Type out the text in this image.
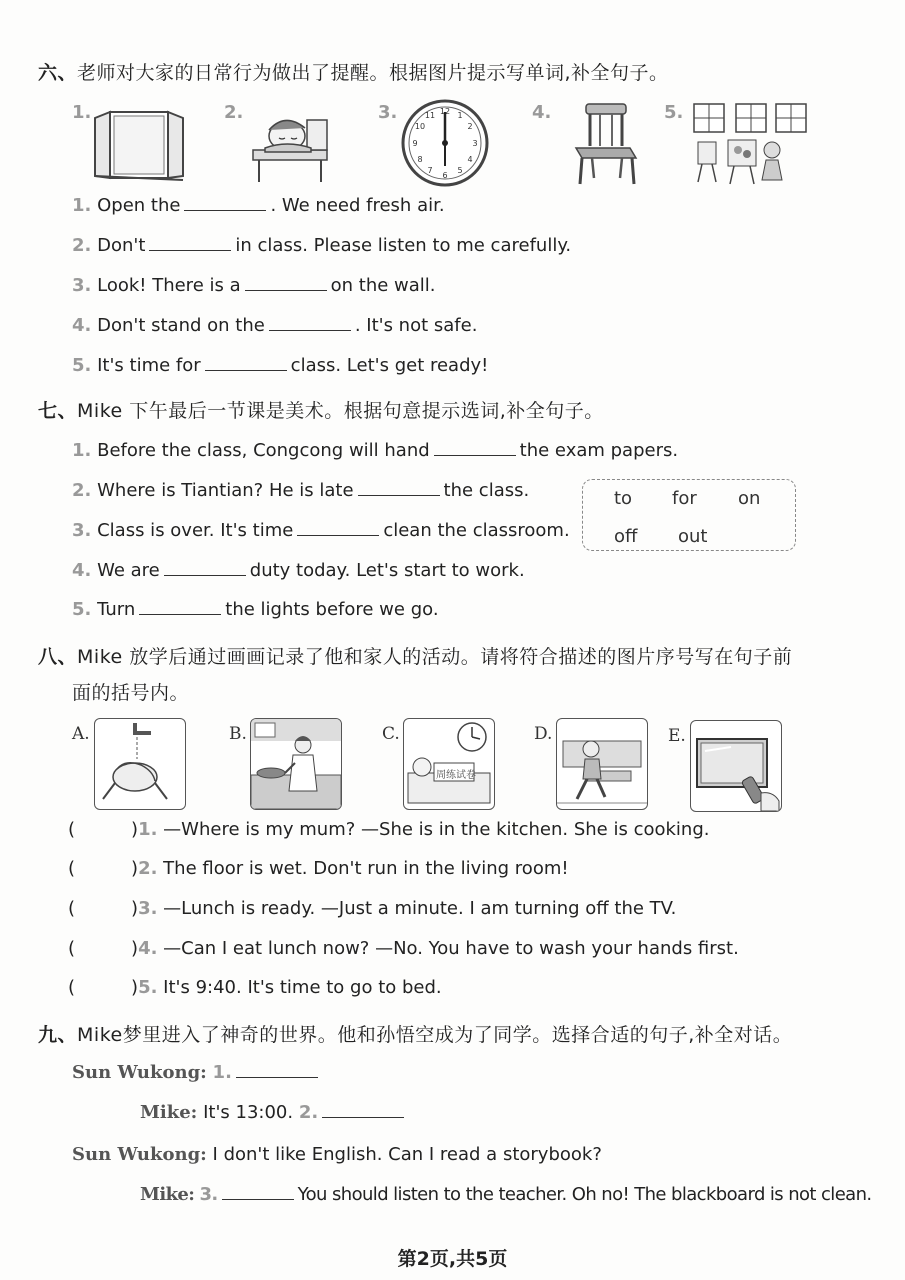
六、老师对大家的日常行为做出了提醒。根据图片提示写单词,补全句子。
1.	2.	3.	4.	5.
12 1
2
3
4
5
6
7
8
9
10
11
1. Open the	. We need fresh air.
2. Don't	in class. Please listen to me carefully.
3. Look! There is a	on the wall.
4. Don't stand on the	. It's not safe.
5. It's time for	class. Let's get ready!
七、Mike 下午最后一节课是美术。根据句意提示选词,补全句子。
1. Before the class, Congcong will hand	the exam papers.
2. Where is Tiantian? He is late	the class.
3. Class is over. It's time	clean the classroom.
4. We are	duty today. Let's start to work.
5. Turn	the lights before we go.
to for on
off out
八、Mike 放学后通过画画记录了他和家人的活动。请将符合描述的图片序号写在句子前
面的括号内。
A.	B.	C.	D.	E.
周练试卷
(	)1. —Where is my mum? —She is in the kitchen. She is cooking.
(	)2. The floor is wet. Don't run in the living room!
(	)3. —Lunch is ready. —Just a minute. I am turning off the TV.
(	)4. —Can I eat lunch now? —No. You have to wash your hands first.
(	)5. It's 9:40. It's time to go to bed.
九、Mike梦里进入了神奇的世界。他和孙悟空成为了同学。选择合适的句子,补全对话。
Sun Wukong: 1.
Mike: It's 13:00. 2.
Sun Wukong: I don't like English. Can I read a storybook?
Mike: 3.	You should listen to the teacher. Oh no! The blackboard is not clean.
第2页,共5页
